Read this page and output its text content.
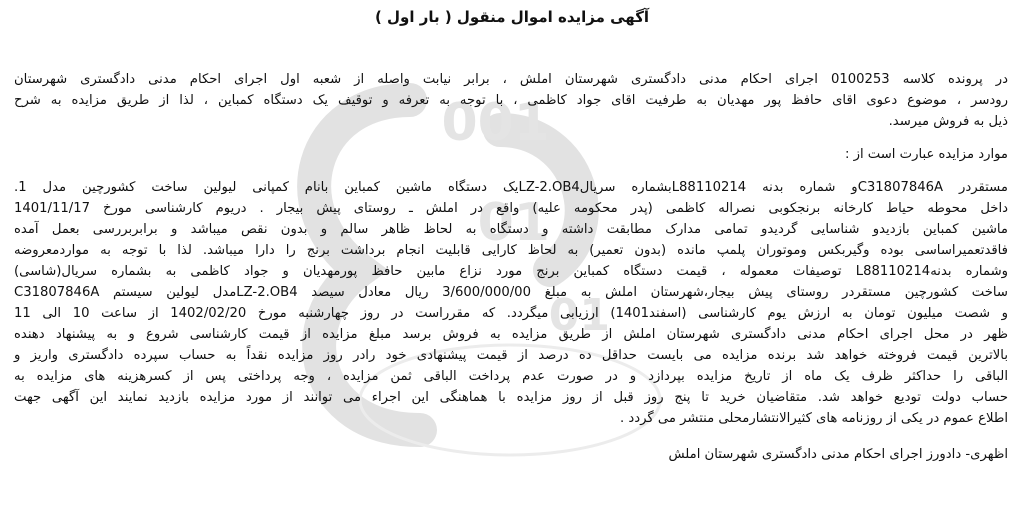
001
01
01
آگهی مزایده اموال منقول ( بار اول )
در پرونده کلاسه 0100253 اجرای احکام مدنی دادگستری شهرستان املش ، برابر نیابت واصله از شعبه اول اجرای احکام مدنی دادگستری شهرستان
رودسر ، موضوع دعوی اقای حافظ پور مهدیان به طرفیت اقای جواد کاظمی ، با توجه به تعرفه و توقیف یک دستگاه کمباین ، لذا از طریق مزایده به شرح
ذیل به فروش میرسد.
موارد مزایده عبارت است از :
مستقردر C31807846Aو شماره بدنه L88110214بشماره سریالLZ-2.OB4یک دستگاه ماشین کمباین بانام کمپانی لیولین ساخت کشورچین مدل 1.
داخل محوطه حیاط کارخانه برنجکوبی نصراله کاظمی (پدر محکومه علیه) واقع در املش ـ روستای پیش بیجار . دریوم کارشناسی مورخ 1401/11/17
ماشین کمباین بازدیدو شناسایی گردیدو تمامی مدارک مطابقت داشته و دستگاه به لحاظ ظاهر سالم و بدون نقص میباشد و برابربررسی بعمل آمده
فاقدتعمیراساسی بوده وگیربکس وموتوران پلمپ مانده (بدون تعمیر) به لحاظ کارایی قابلیت انجام برداشت برنج را دارا میباشد. لذا با توجه به مواردمعروضه
وشماره بدنهL88110214 توصیفات معموله ، قیمت دستگاه کمباین برنج مورد نزاع مابین حافظ پورمهدیان و جواد کاظمی به بشماره سریال(شاسی)
ساخت کشورچین مستقردر روستای پیش بیجار،شهرستان املش به مبلغ 3/600/000/00 ریال معادل سیصد LZ-2.OB4مدل لیولین سیستم C31807846A
و شصت میلیون تومان به ارزش یوم کارشناسی (اسفند1401) ارزیابی میگردد. که مقرراست در روز چهارشنبه مورخ 1402/02/20 از ساعت 10 الی 11
ظهر در محل اجرای احکام مدنی دادگستری شهرستان املش از طریق مزایده به فروش برسد مبلغ مزایده از قیمت کارشناسی شروع و به پیشنهاد دهنده
بالاترین قیمت فروخته خواهد شد برنده مزایده می بایست حداقل ده درصد از قیمت پیشنهادی خود رادر روز مزایده نقداً به حساب سپرده دادگستری واریز و
الباقی را حداکثر ظرف یک ماه از تاریخ مزایده بپردازد و در صورت عدم پرداخت الباقی ثمن مزایده ، وجه پرداختی پس از کسرهزینه های مزایده به
حساب دولت تودیع خواهد شد. متقاضیان خرید تا پنج روز قبل از روز مزایده با هماهنگی این اجراء می توانند از مورد مزایده بازدید نمایند این آگهی جهت
اطلاع عموم در یکی از روزنامه های کثیرالانتشارمحلی منتشر می گردد .
اظهری- دادورز اجرای احکام مدنی دادگستری شهرستان املش
